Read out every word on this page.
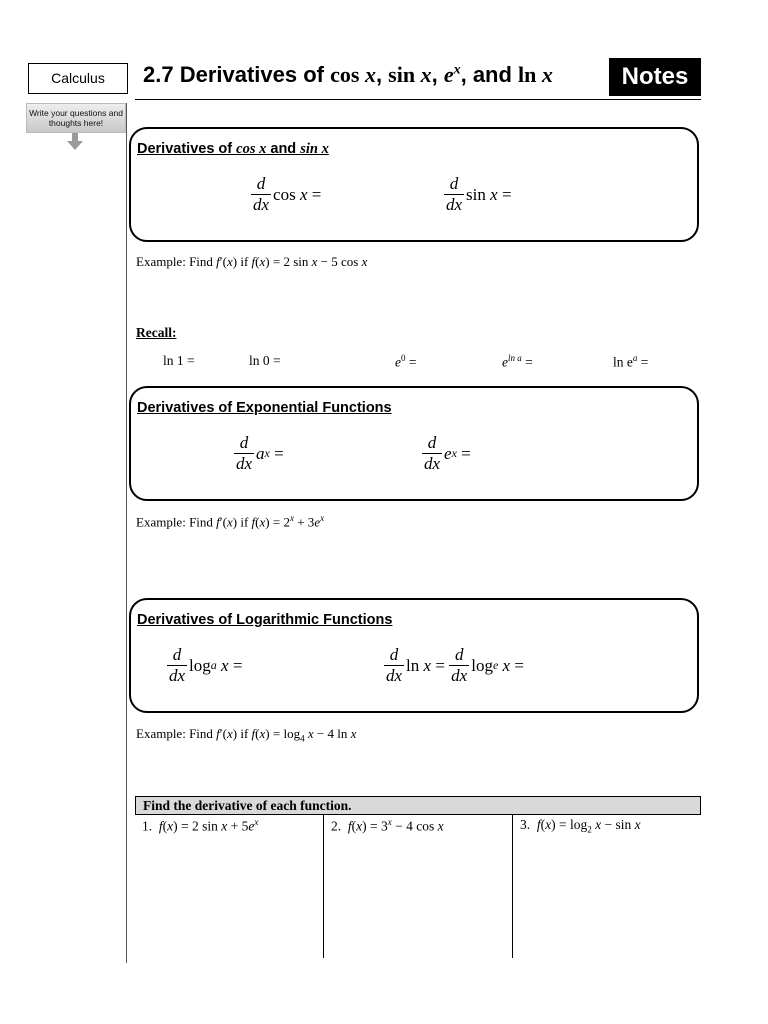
Calculus
Write your questions and thoughts here!
2.7 Derivatives of cos x, sin x, $e^x$, and ln x	Notes
Derivatives of cos x and sin x
$\frac{d}{dx}$ cos
x
=	$\frac{d}{dx}$ sin
x
=
Example: Find f′(x) if f(x) = 2 sin x − 5 cos x
Recall:
ln 1 =	ln 0 =	$e^0$ =	$e^{ln a}$ =	$\ln e^a$ =
Derivatives of Exponential Functions
$\frac{d}{dx}$ a x
=	$\frac{d}{dx}$ e x
=
Example: Find f′(x) if $f(x) = 2^x + 3e^x$
Derivatives of Logarithmic Functions
$\frac{d}{dx}$ log a
x
=	$\frac{d}{dx}$ ln
x
=
$\frac{d}{dx}$ log e
x
=
Example: Find f′(x) if $f(x) = \log_4 x - 4$ ln x
Find the derivative of each function.
1. f(x) = 2 $\sin x + 5e^x$	2. $f(x) = 3^x - 4$ cos x	3. $f(x) = \log_2 x - \sin x$
